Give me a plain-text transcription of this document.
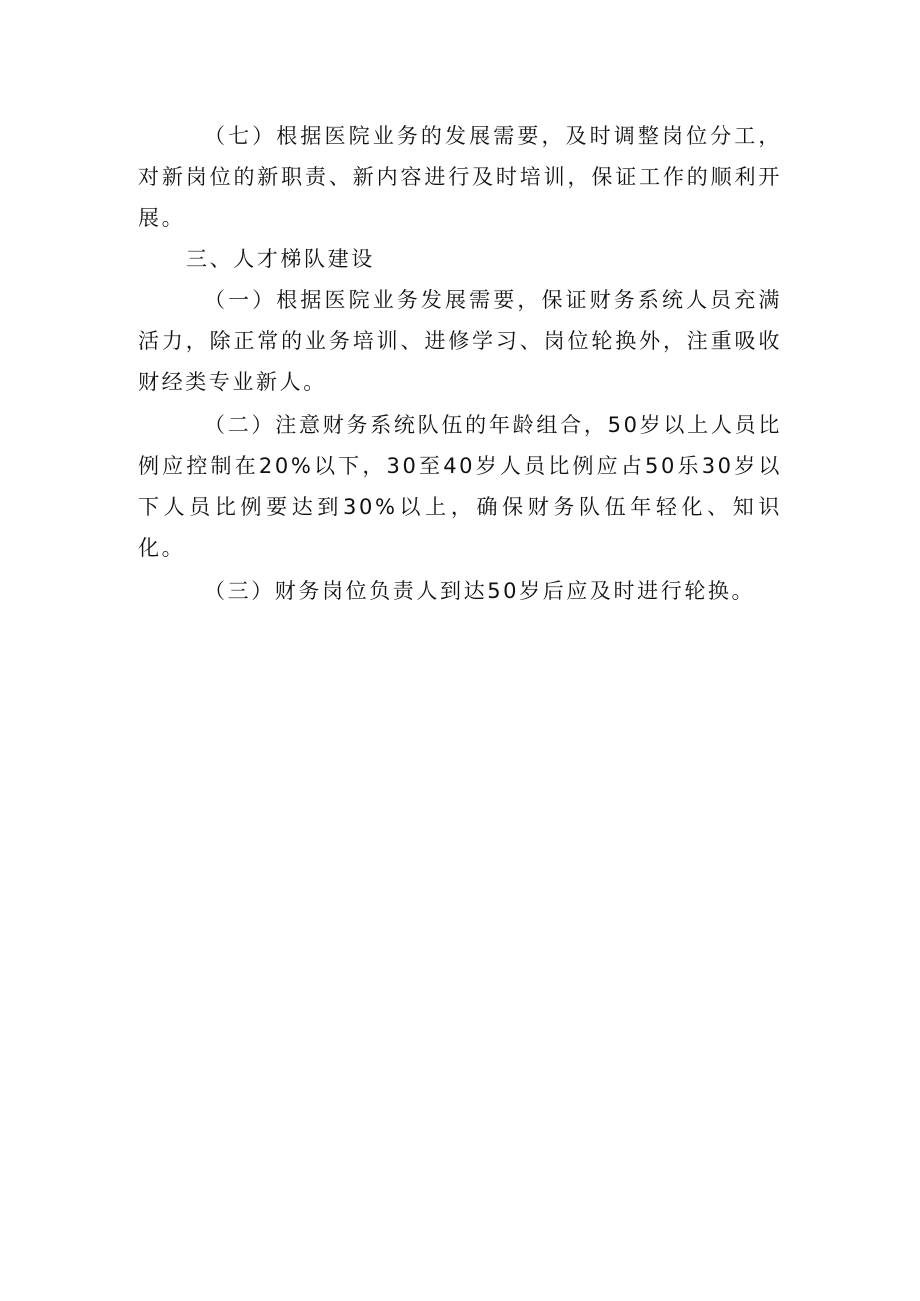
（七）根据医院业务的发展需要，及时调整岗位分工，对新岗位的新职责、新内容进行及时培训，保证工作的顺利开展。

三、人才梯队建设

（一）根据医院业务发展需要，保证财务系统人员充满活力，除正常的业务培训、进修学习、岗位轮换外，注重吸收财经类专业新人。

（二）注意财务系统队伍的年龄组合，50岁以上人员比例应控制在20%以下，30至40岁人员比例应占50乐30岁以下人员比例要达到30%以上，确保财务队伍年轻化、知识化。

（三）财务岗位负责人到达50岁后应及时进行轮换。
